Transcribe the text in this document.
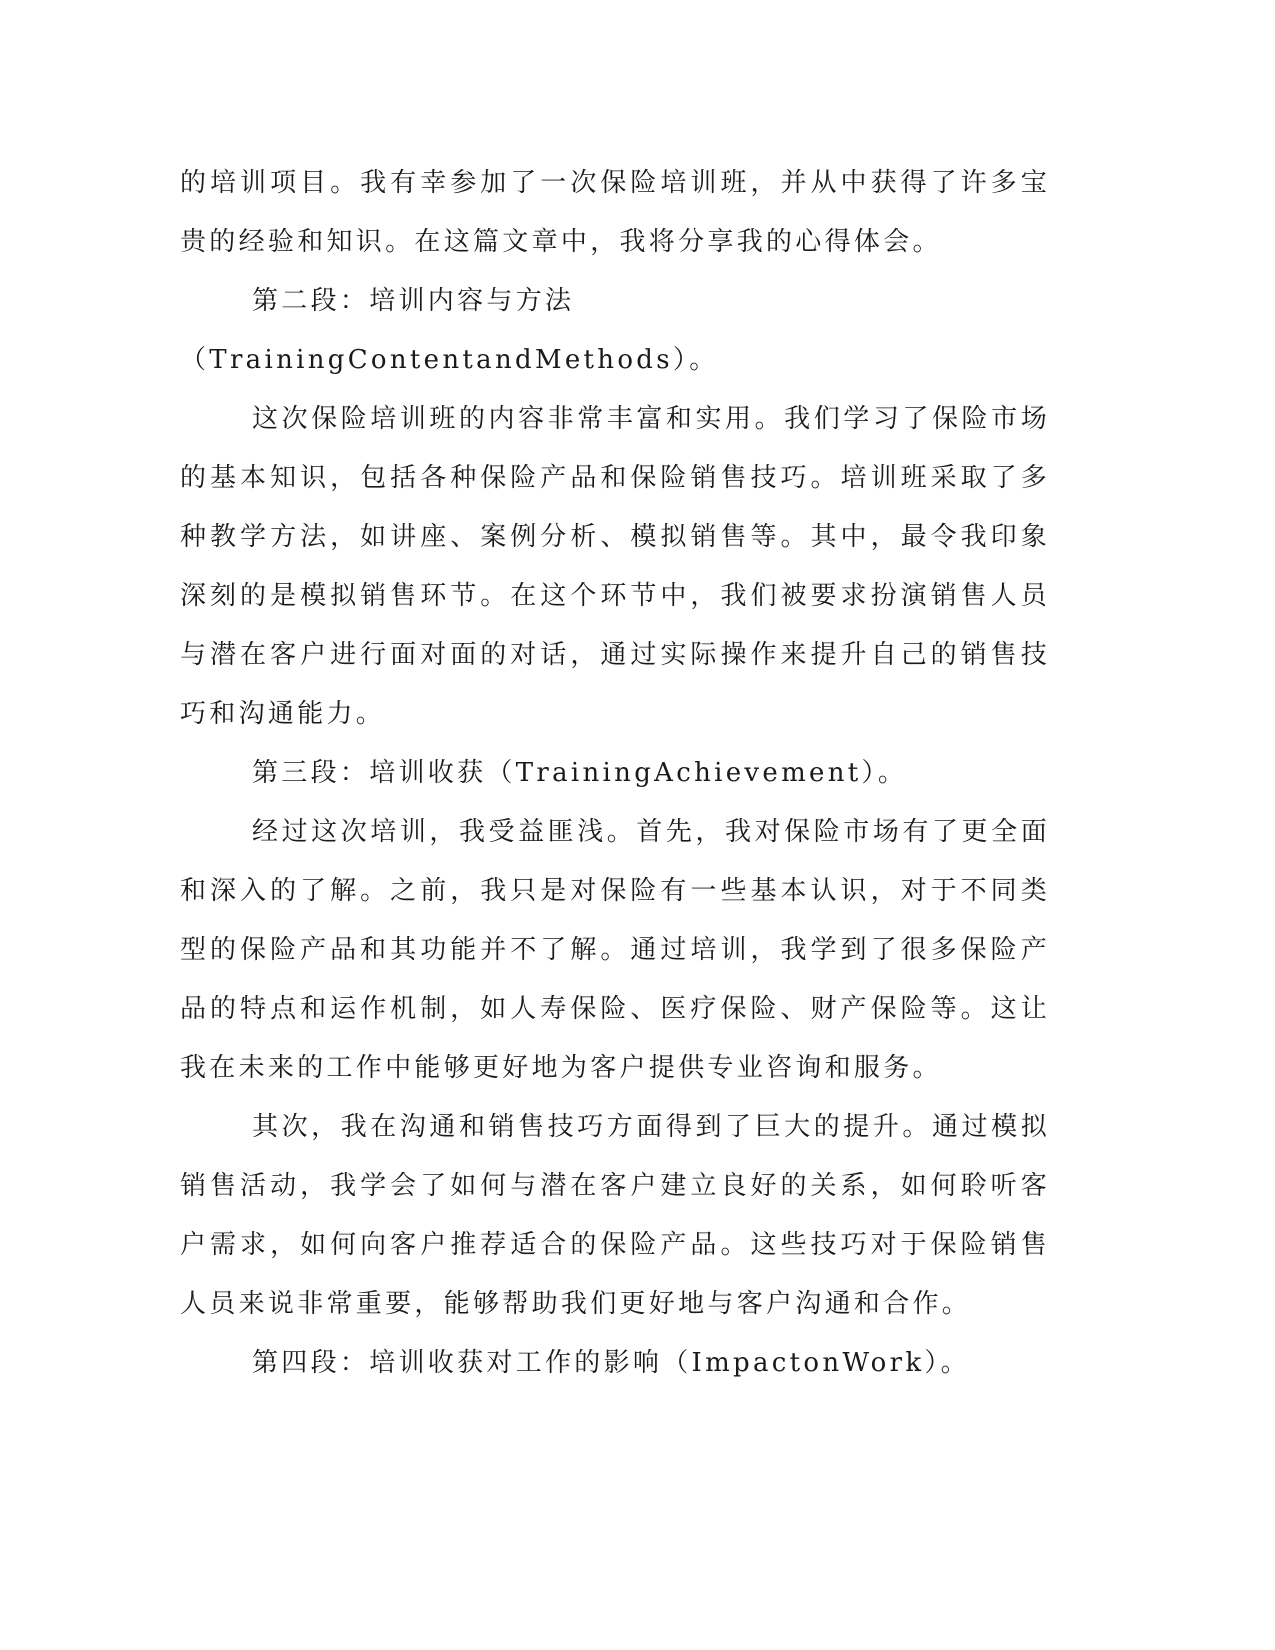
的培训项目。我有幸参加了一次保险培训班，并从中获得了许多宝贵的经验和知识。在这篇文章中，我将分享我的心得体会。

第二段：培训内容与方法（TrainingContentandMethods）。

这次保险培训班的内容非常丰富和实用。我们学习了保险市场的基本知识，包括各种保险产品和保险销售技巧。培训班采取了多种教学方法，如讲座、案例分析、模拟销售等。其中，最令我印象深刻的是模拟销售环节。在这个环节中，我们被要求扮演销售人员与潜在客户进行面对面的对话，通过实际操作来提升自己的销售技巧和沟通能力。

第三段：培训收获（TrainingAchievement）。

经过这次培训，我受益匪浅。首先，我对保险市场有了更全面和深入的了解。之前，我只是对保险有一些基本认识，对于不同类型的保险产品和其功能并不了解。通过培训，我学到了很多保险产品的特点和运作机制，如人寿保险、医疗保险、财产保险等。这让我在未来的工作中能够更好地为客户提供专业咨询和服务。

其次，我在沟通和销售技巧方面得到了巨大的提升。通过模拟销售活动，我学会了如何与潜在客户建立良好的关系，如何聆听客户需求，如何向客户推荐适合的保险产品。这些技巧对于保险销售人员来说非常重要，能够帮助我们更好地与客户沟通和合作。

第四段：培训收获对工作的影响（ImpactonWork）。
